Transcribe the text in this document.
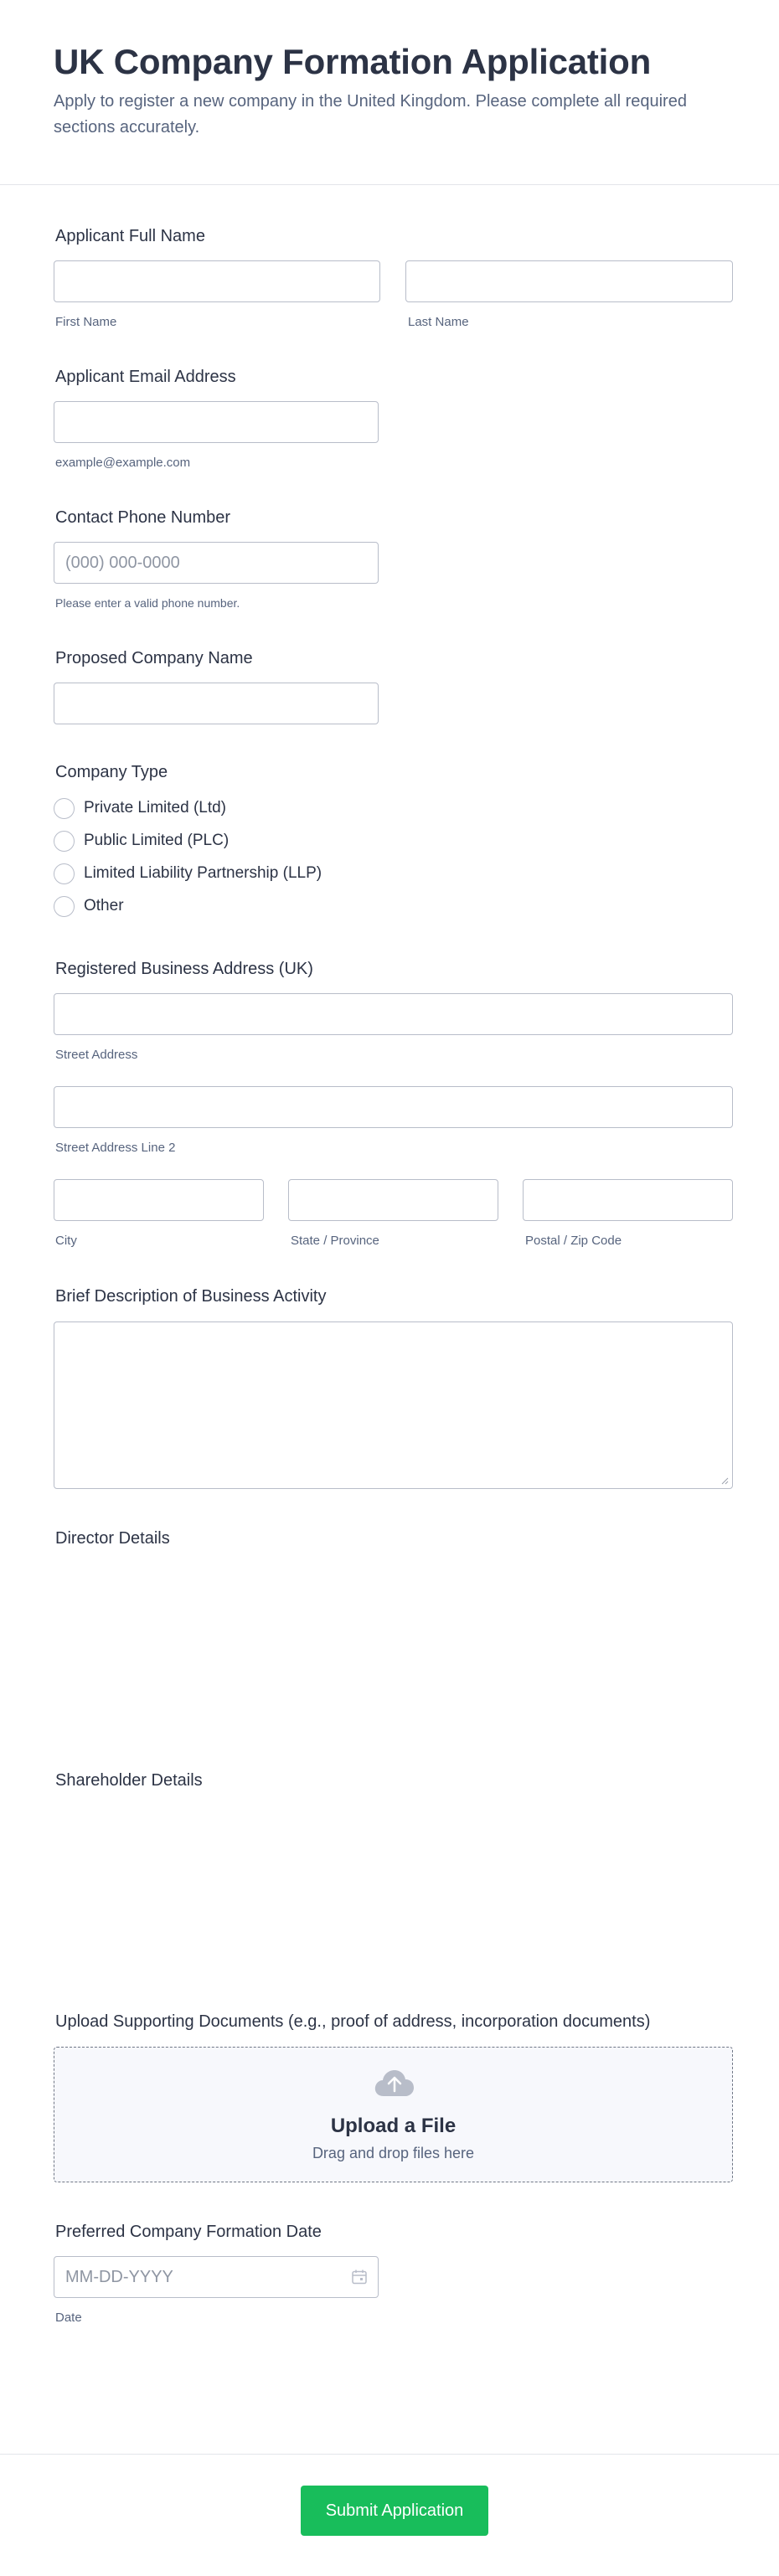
UK Company Formation Application

Apply to register a new company in the United Kingdom. Please complete all required sections accurately.

Applicant Full Name
First Name	Last Name
Applicant Email Address
example@example.com
Contact Phone Number
(000) 000-0000
Please enter a valid phone number.
Proposed Company Name
Company Type
Private Limited (Ltd)
Public Limited (PLC)
Limited Liability Partnership (LLP)
Other
Registered Business Address (UK)
Street Address
Street Address Line 2
City	State / Province	Postal / Zip Code
Brief Description of Business Activity
Director Details
Shareholder Details
Upload Supporting Documents (e.g., proof of address, incorporation documents)
Upload a File
Drag and drop files here
Preferred Company Formation Date
MM-DD-YYYY
Date
Submit Application
